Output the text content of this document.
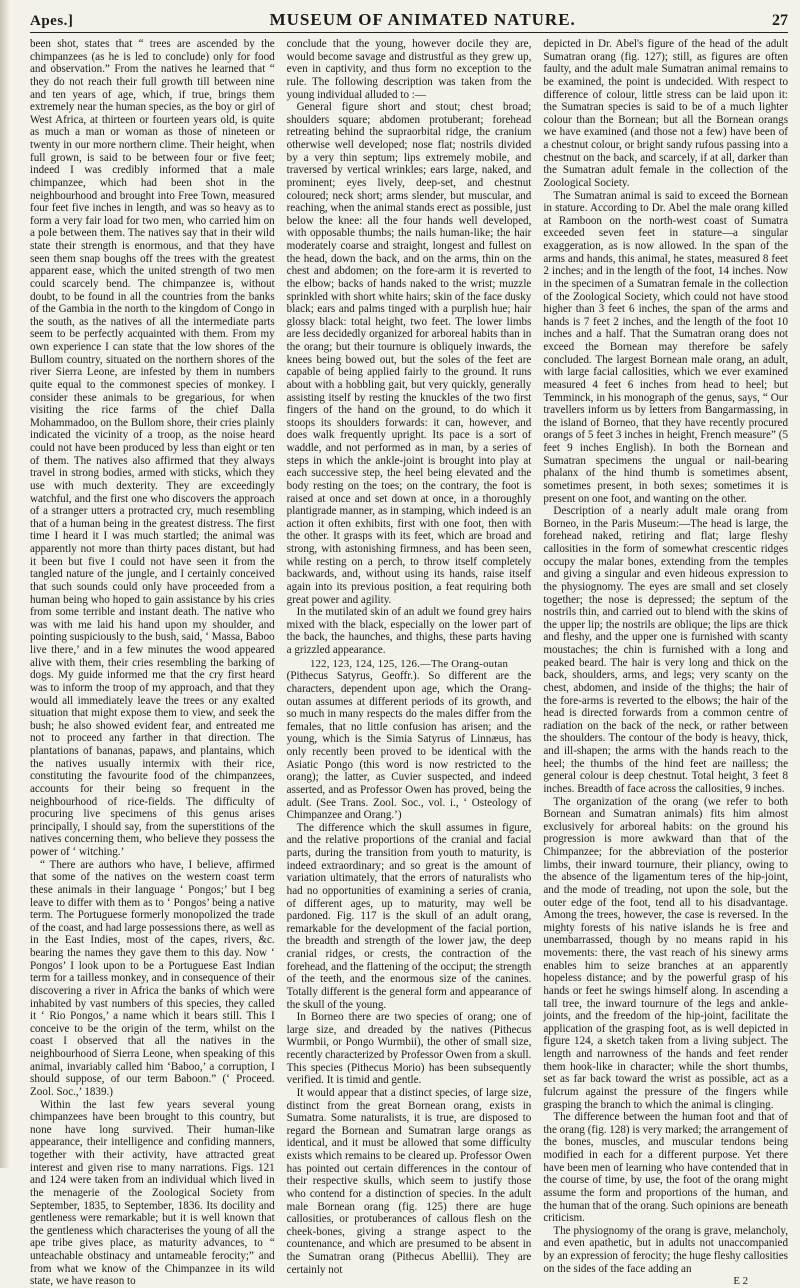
Apes.]	MUSEUM OF ANIMATED NATURE.	27

been shot, states that “ trees are ascended by the chimpanzees (as he is led to conclude) only for food and observation.” From the natives he learned that “ they do not reach their full growth till between nine and ten years of age, which, if true, brings them extremely near the human species, as the boy or girl of West Africa, at thirteen or fourteen years old, is quite as much a man or woman as those of nineteen or twenty in our more northern clime. Their height, when full grown, is said to be between four or five feet; indeed I was credibly informed that a male chimpanzee, which had been shot in the neighbourhood and brought into Free Town, measured four feet five inches in length, and was so heavy as to form a very fair load for two men, who carried him on a pole between them. The natives say that in their wild state their strength is enormous, and that they have seen them snap boughs off the trees with the greatest apparent ease, which the united strength of two men could scarcely bend. The chimpanzee is, without doubt, to be found in all the countries from the banks of the Gambia in the north to the kingdom of Congo in the south, as the natives of all the intermediate parts seem to be perfectly acquainted with them. From my own experience I can state that the low shores of the Bullom country, situated on the northern shores of the river Sierra Leone, are infested by them in numbers quite equal to the commonest species of monkey. I consider these animals to be gregarious, for when visiting the rice farms of the chief Dalla Mohammadoo, on the Bullom shore, their cries plainly indicated the vicinity of a troop, as the noise heard could not have been produced by less than eight or ten of them. The natives also affirmed that they always travel in strong bodies, armed with sticks, which they use with much dexterity. They are exceedingly watchful, and the first one who discovers the approach of a stranger utters a protracted cry, much resembling that of a human being in the greatest distress. The first time I heard it I was much startled; the animal was apparently not more than thirty paces distant, but had it been but five I could not have seen it from the tangled nature of the jungle, and I certainly conceived that such sounds could only have proceeded from a human being who hoped to gain assistance by his cries from some terrible and instant death. The native who was with me laid his hand upon my shoulder, and pointing suspiciously to the bush, said, ‘ Massa, Baboo live there,’ and in a few minutes the wood appeared alive with them, their cries resembling the barking of dogs. My guide informed me that the cry first heard was to inform the troop of my approach, and that they would all immediately leave the trees or any exalted situation that might expose them to view, and seek the bush; he also showed evident fear, and entreated me not to proceed any farther in that direction. The plantations of bananas, papaws, and plantains, which the natives usually intermix with their rice, constituting the favourite food of the chimpanzees, accounts for their being so frequent in the neighbourhood of rice-fields. The difficulty of procuring live specimens of this genus arises principally, I should say, from the superstitions of the natives concerning them, who believe they possess the power of ‘ witching.’

“ There are authors who have, I believe, affirmed that some of the natives on the western coast term these animals in their language ‘ Pongos;’ but I beg leave to differ with them as to ‘ Pongos’ being a native term. The Portuguese formerly monopolized the trade of the coast, and had large possessions there, as well as in the East Indies, most of the capes, rivers, &c. bearing the names they gave them to this day. Now ‘ Pongos’ I look upon to be a Portuguese East Indian term for a tailless monkey, and in consequence of their discovering a river in Africa the banks of which were inhabited by vast numbers of this species, they called it ‘ Rio Pongos,’ a name which it bears still. This I conceive to be the origin of the term, whilst on the coast I observed that all the natives in the neighbourhood of Sierra Leone, when speaking of this animal, invariably called him ‘Baboo,’ a corruption, I should suppose, of our term Baboon.” (‘ Proceed. Zool. Soc.,’ 1839.)

Within the last few years several young chimpanzees have been brought to this country, but none have long survived. Their human-like appearance, their intelligence and confiding manners, together with their activity, have attracted great interest and given rise to many narrations. Figs. 121 and 124 were taken from an individual which lived in the menagerie of the Zoological Society from September, 1835, to September, 1836. Its docility and gentleness were remarkable; but it is well known that the gentleness which characterises the young of all the ape tribe gives place, as maturity advances, to “ unteachable obstinacy and untameable ferocity;” and from what we know of the Chimpanzee in its wild state, we have reason to

conclude that the young, however docile they are, would become savage and distrustful as they grew up, even in captivity, and thus form no exception to the rule. The following description was taken from the young individual alluded to :—

General figure short and stout; chest broad; shoulders square; abdomen protuberant; forehead retreating behind the supraorbital ridge, the cranium otherwise well developed; nose flat; nostrils divided by a very thin septum; lips extremely mobile, and traversed by vertical wrinkles; ears large, naked, and prominent; eyes lively, deep-set, and chestnut coloured; neck short; arms slender, but muscular, and reaching, when the animal stands erect as possible, just below the knee: all the four hands well developed, with opposable thumbs; the nails human-like; the hair moderately coarse and straight, longest and fullest on the head, down the back, and on the arms, thin on the chest and abdomen; on the fore-arm it is reverted to the elbow; backs of hands naked to the wrist; muzzle sprinkled with short white hairs; skin of the face dusky black; ears and palms tinged with a purplish hue; hair glossy black: total height, two feet. The lower limbs are less decidedly organized for arboreal habits than in the orang; but their tournure is obliquely inwards, the knees being bowed out, but the soles of the feet are capable of being applied fairly to the ground. It runs about with a hobbling gait, but very quickly, generally assisting itself by resting the knuckles of the two first fingers of the hand on the ground, to do which it stoops its shoulders forwards: it can, however, and does walk frequently upright. Its pace is a sort of waddle, and not performed as in man, by a series of steps in which the ankle-joint is brought into play at each successive step, the heel being elevated and the body resting on the toes; on the contrary, the foot is raised at once and set down at once, in a thoroughly plantigrade manner, as in stamping, which indeed is an action it often exhibits, first with one foot, then with the other. It grasps with its feet, which are broad and strong, with astonishing firmness, and has been seen, while resting on a perch, to throw itself completely backwards, and, without using its hands, raise itself again into its previous position, a feat requiring both great power and agility.

In the mutilated skin of an adult we found grey hairs mixed with the black, especially on the lower part of the back, the haunches, and thighs, these parts having a grizzled appearance.

122, 123, 124, 125, 126.—The Orang-outan

(Pithecus Satyrus, Geoffr.). So different are the characters, dependent upon age, which the Orang-outan assumes at different periods of its growth, and so much in many respects do the males differ from the females, that no little confusion has arisen; and the young, which is the Simia Satyrus of Linnæus, has only recently been proved to be identical with the Asiatic Pongo (this word is now restricted to the orang); the latter, as Cuvier suspected, and indeed asserted, and as Professor Owen has proved, being the adult. (See Trans. Zool. Soc., vol. i., ‘ Osteology of Chimpanzee and Orang.’)

The difference which the skull assumes in figure, and the relative proportions of the cranial and facial parts, during the transition from youth to maturity, is indeed extraordinary; and so great is the amount of variation ultimately, that the errors of naturalists who had no opportunities of examining a series of crania, of different ages, up to maturity, may well be pardoned. Fig. 117 is the skull of an adult orang, remarkable for the development of the facial portion, the breadth and strength of the lower jaw, the deep cranial ridges, or crests, the contraction of the forehead, and the flattening of the occiput; the strength of the teeth, and the enormous size of the canines. Totally different is the general form and appearance of the skull of the young.

In Borneo there are two species of orang; one of large size, and dreaded by the natives (Pithecus Wurmbii, or Pongo Wurmbii), the other of small size, recently characterized by Professor Owen from a skull. This species (Pithecus Morio) has been subsequently verified. It is timid and gentle.

It would appear that a distinct species, of large size, distinct from the great Bornean orang, exists in Sumatra. Some naturalists, it is true, are disposed to regard the Bornean and Sumatran large orangs as identical, and it must be allowed that some difficulty exists which remains to be cleared up. Professor Owen has pointed out certain differences in the contour of their respective skulls, which seem to justify those who contend for a distinction of species. In the adult male Bornean orang (fig. 125) there are huge callosities, or protuberances of callous flesh on the cheek-bones, giving a strange aspect to the countenance, and which are presumed to be absent in the Sumatran orang (Pithecus Abellii). They are certainly not

depicted in Dr. Abel's figure of the head of the adult Sumatran orang (fig. 127); still, as figures are often faulty, and the adult male Sumatran animal remains to be examined, the point is undecided. With respect to difference of colour, little stress can be laid upon it: the Sumatran species is said to be of a much lighter colour than the Bornean; but all the Bornean orangs we have examined (and those not a few) have been of a chestnut colour, or bright sandy rufous passing into a chestnut on the back, and scarcely, if at all, darker than the Sumatran adult female in the collection of the Zoological Society.

The Sumatran animal is said to exceed the Bornean in stature. According to Dr. Abel the male orang killed at Ramboon on the north-west coast of Sumatra exceeded seven feet in stature—a singular exaggeration, as is now allowed. In the span of the arms and hands, this animal, he states, measured 8 feet 2 inches; and in the length of the foot, 14 inches. Now in the specimen of a Sumatran female in the collection of the Zoological Society, which could not have stood higher than 3 feet 6 inches, the span of the arms and hands is 7 feet 2 inches, and the length of the foot 10 inches and a half. That the Sumatran orang does not exceed the Bornean may therefore be safely concluded. The largest Bornean male orang, an adult, with large facial callosities, which we ever examined measured 4 feet 6 inches from head to heel; but Temminck, in his monograph of the genus, says, “ Our travellers inform us by letters from Bangarmassing, in the island of Borneo, that they have recently procured orangs of 5 feet 3 inches in height, French measure” (5 feet 9 inches English). In both the Bornean and Sumatran specimens the ungual or nail-bearing phalanx of the hind thumb is sometimes absent, sometimes present, in both sexes; sometimes it is present on one foot, and wanting on the other.

Description of a nearly adult male orang from Borneo, in the Paris Museum:—The head is large, the forehead naked, retiring and flat; large fleshy callosities in the form of somewhat crescentic ridges occupy the malar bones, extending from the temples and giving a singular and even hideous expression to the physiognomy. The eyes are small and set closely together; the nose is depressed; the septum of the nostrils thin, and carried out to blend with the skins of the upper lip; the nostrils are oblique; the lips are thick and fleshy, and the upper one is furnished with scanty moustaches; the chin is furnished with a long and peaked beard. The hair is very long and thick on the back, shoulders, arms, and legs; very scanty on the chest, abdomen, and inside of the thighs; the hair of the fore-arms is reverted to the elbows; the hair of the head is directed forwards from a common centre of radiation on the back of the neck, or rather between the shoulders. The contour of the body is heavy, thick, and ill-shapen; the arms with the hands reach to the heel; the thumbs of the hind feet are nailless; the general colour is deep chestnut. Total height, 3 feet 8 inches. Breadth of face across the callosities, 9 inches.

The organization of the orang (we refer to both Bornean and Sumatran animals) fits him almost exclusively for arboreal habits: on the ground his progression is more awkward than that of the Chimpanzee; for the abbreviation of the posterior limbs, their inward tournure, their pliancy, owing to the absence of the ligamentum teres of the hip-joint, and the mode of treading, not upon the sole, but the outer edge of the foot, tend all to his disadvantage. Among the trees, however, the case is reversed. In the mighty forests of his native islands he is free and unembarrassed, though by no means rapid in his movements: there, the vast reach of his sinewy arms enables him to seize branches at an apparently hopeless distance; and by the powerful grasp of his hands or feet he swings himself along. In ascending a tall tree, the inward tournure of the legs and ankle-joints, and the freedom of the hip-joint, facilitate the application of the grasping foot, as is well depicted in figure 124, a sketch taken from a living subject. The length and narrowness of the hands and feet render them hook-like in character; while the short thumbs, set as far back toward the wrist as possible, act as a fulcrum against the pressure of the fingers while grasping the branch to which the animal is clinging.

The difference between the human foot and that of the orang (fig. 128) is very marked; the arrangement of the bones, muscles, and muscular tendons being modified in each for a different purpose. Yet there have been men of learning who have contended that in the course of time, by use, the foot of the orang might assume the form and proportions of the human, and the human that of the orang. Such opinions are beneath criticism.

The physiognomy of the orang is grave, melancholy, and even apathetic, but in adults not unaccompanied by an expression of ferocity; the huge fleshy callosities on the sides of the face adding an

E 2
